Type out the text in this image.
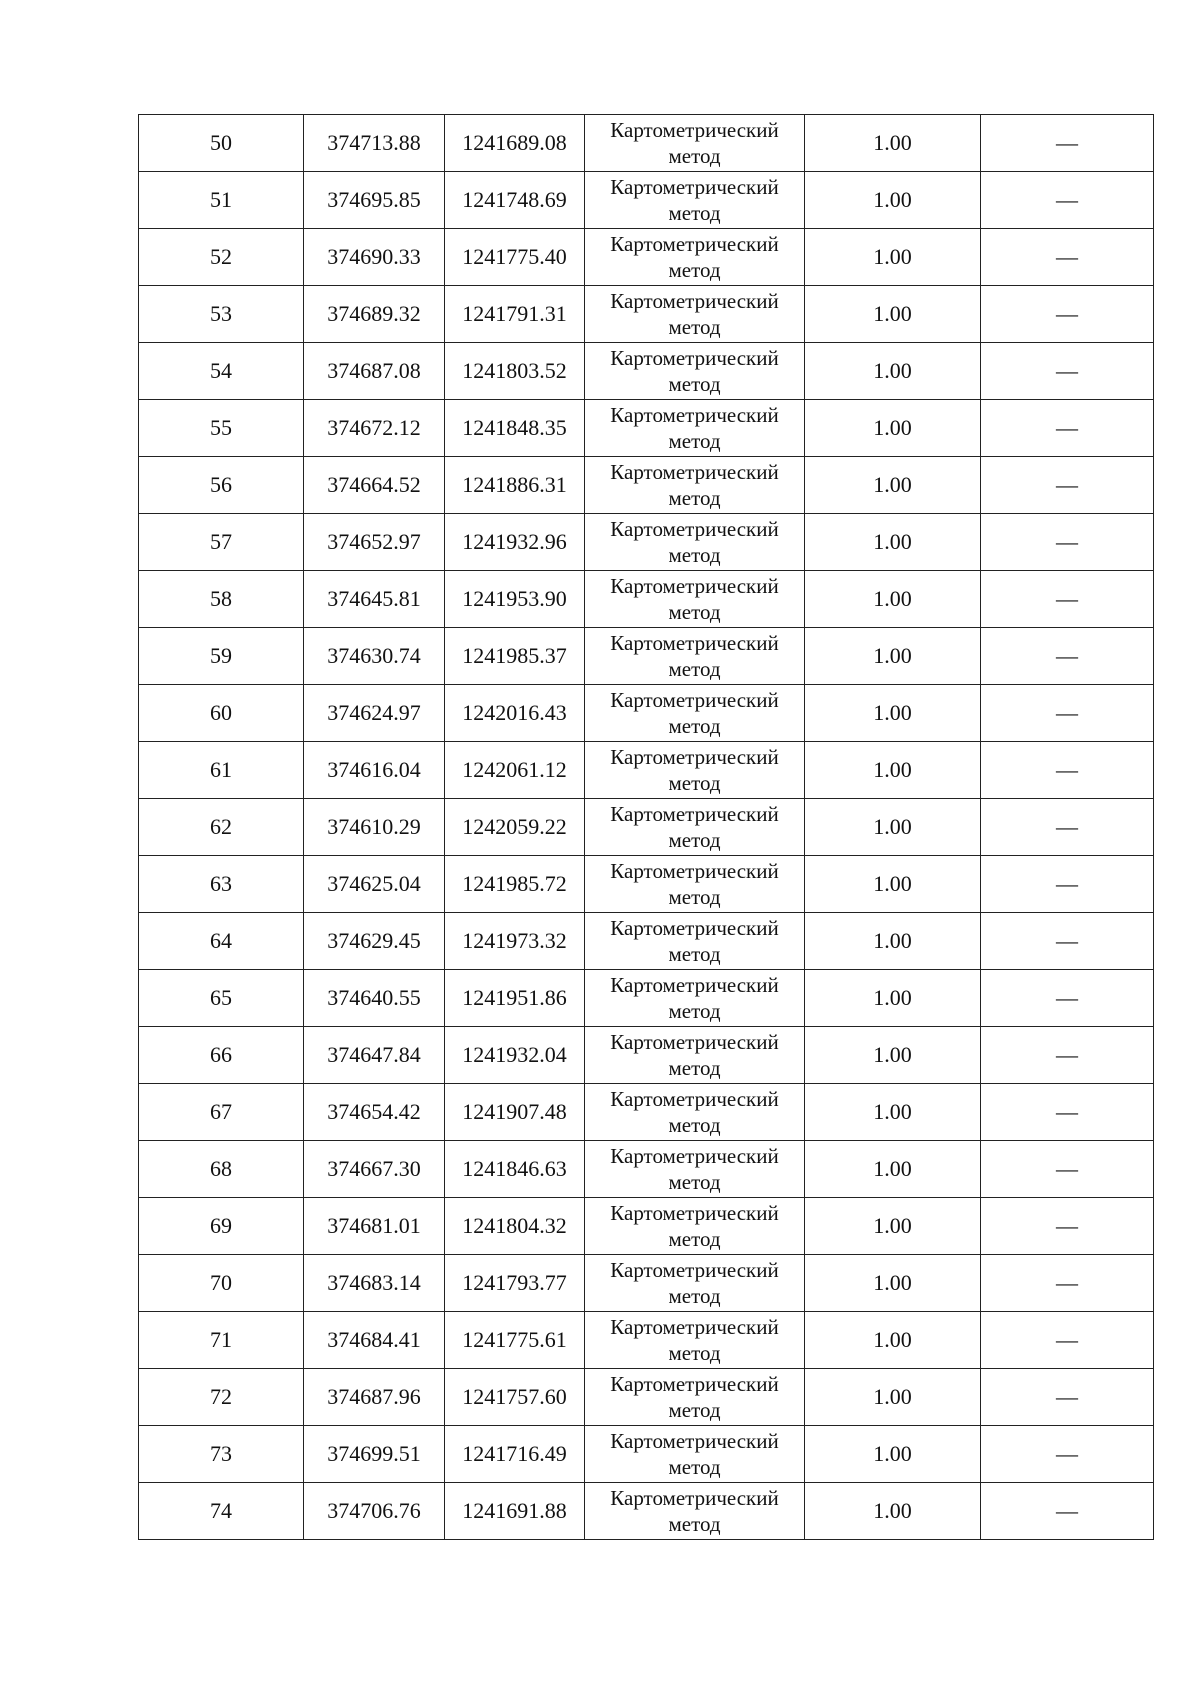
50	374713.88	1241689.08	Картометрический метод	1.00	—
51	374695.85	1241748.69	Картометрический метод	1.00	—
52	374690.33	1241775.40	Картометрический метод	1.00	—
53	374689.32	1241791.31	Картометрический метод	1.00	—
54	374687.08	1241803.52	Картометрический метод	1.00	—
55	374672.12	1241848.35	Картометрический метод	1.00	—
56	374664.52	1241886.31	Картометрический метод	1.00	—
57	374652.97	1241932.96	Картометрический метод	1.00	—
58	374645.81	1241953.90	Картометрический метод	1.00	—
59	374630.74	1241985.37	Картометрический метод	1.00	—
60	374624.97	1242016.43	Картометрический метод	1.00	—
61	374616.04	1242061.12	Картометрический метод	1.00	—
62	374610.29	1242059.22	Картометрический метод	1.00	—
63	374625.04	1241985.72	Картометрический метод	1.00	—
64	374629.45	1241973.32	Картометрический метод	1.00	—
65	374640.55	1241951.86	Картометрический метод	1.00	—
66	374647.84	1241932.04	Картометрический метод	1.00	—
67	374654.42	1241907.48	Картометрический метод	1.00	—
68	374667.30	1241846.63	Картометрический метод	1.00	—
69	374681.01	1241804.32	Картометрический метод	1.00	—
70	374683.14	1241793.77	Картометрический метод	1.00	—
71	374684.41	1241775.61	Картометрический метод	1.00	—
72	374687.96	1241757.60	Картометрический метод	1.00	—
73	374699.51	1241716.49	Картометрический метод	1.00	—
74	374706.76	1241691.88	Картометрический метод	1.00	—
